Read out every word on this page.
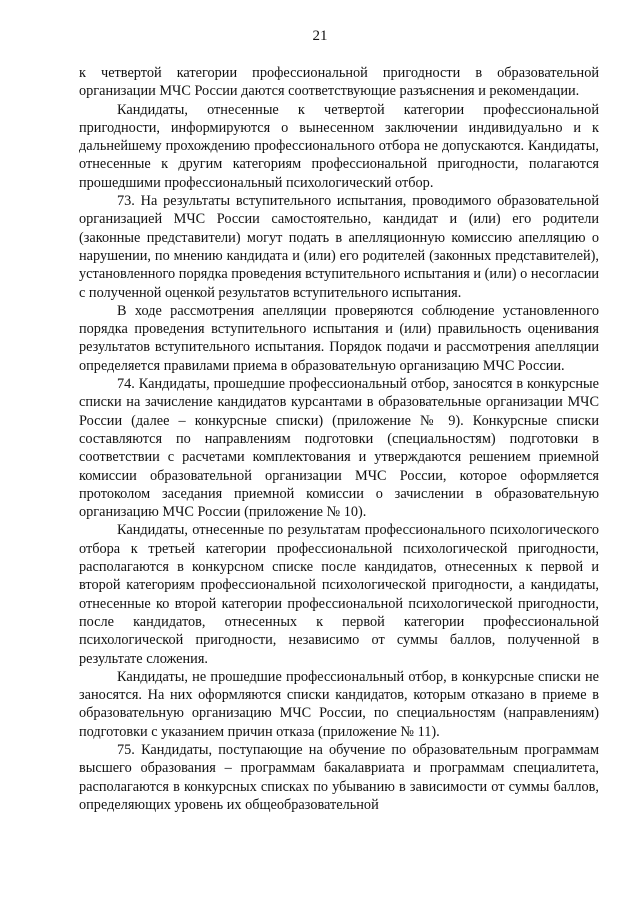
21

к четвертой категории профессиональной пригодности в образовательной организации МЧС России даются соответствующие разъяснения и рекомендации.

Кандидаты, отнесенные к четвертой категории профессиональной пригодности, информируются о вынесенном заключении индивидуально и к дальнейшему прохождению профессионального отбора не допускаются. Кандидаты, отнесенные к другим категориям профессиональной пригодности, полагаются прошедшими профессиональный психологический отбор.

73. На результаты вступительного испытания, проводимого образовательной организацией МЧС России самостоятельно, кандидат и (или) его родители (законные представители) могут подать в апелляционную комиссию апелляцию о нарушении, по мнению кандидата и (или) его родителей (законных представителей), установленного порядка проведения вступительного испытания и (или) о несогласии с полученной оценкой результатов вступительного испытания.

В ходе рассмотрения апелляции проверяются соблюдение установленного порядка проведения вступительного испытания и (или) правильность оценивания результатов вступительного испытания. Порядок подачи и рассмотрения апелляции определяется правилами приема в образовательную организацию МЧС России.

74. Кандидаты, прошедшие профессиональный отбор, заносятся в конкурсные списки на зачисление кандидатов курсантами в образовательные организации МЧС России (далее – конкурсные списки) (приложение № 9). Конкурсные списки составляются по направлениям подготовки (специальностям) подготовки в соответствии с расчетами комплектования и утверждаются решением приемной комиссии образовательной организации МЧС России, которое оформляется протоколом заседания приемной комиссии о зачислении в образовательную организацию МЧС России (приложение № 10).

Кандидаты, отнесенные по результатам профессионального психологического отбора к третьей категории профессиональной психологической пригодности, располагаются в конкурсном списке после кандидатов, отнесенных к первой и второй категориям профессиональной психологической пригодности, а кандидаты, отнесенные ко второй категории профессиональной психологической пригодности, после кандидатов, отнесенных к первой категории профессиональной психологической пригодности, независимо от суммы баллов, полученной в результате сложения.

Кандидаты, не прошедшие профессиональный отбор, в конкурсные списки не заносятся. На них оформляются списки кандидатов, которым отказано в приеме в образовательную организацию МЧС России, по специальностям (направлениям) подготовки с указанием причин отказа (приложение № 11).

75. Кандидаты, поступающие на обучение по образовательным программам высшего образования – программам бакалавриата и программам специалитета, располагаются в конкурсных списках по убыванию в зависимости от суммы баллов, определяющих уровень их общеобразовательной
